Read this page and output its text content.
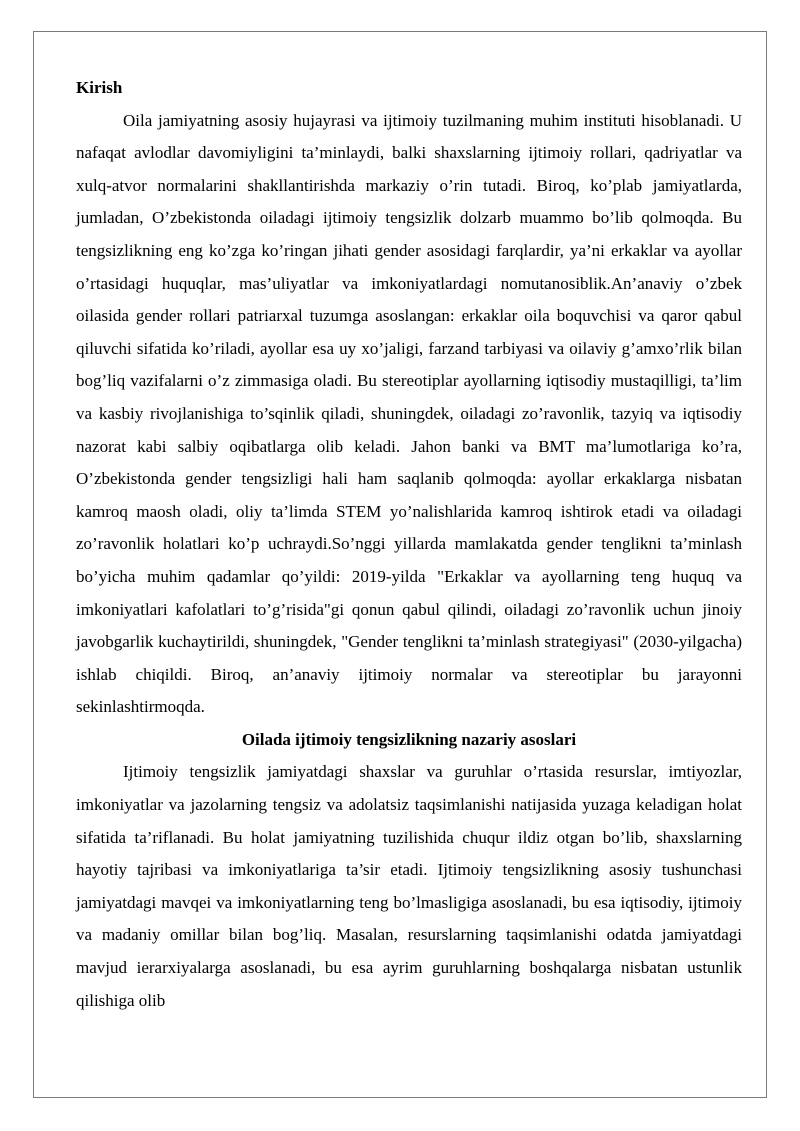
Kirish

Oila jamiyatning asosiy hujayrasi va ijtimoiy tuzilmaning muhim instituti hisoblanadi. U nafaqat avlodlar davomiyligini ta’minlaydi, balki shaxslarning ijtimoiy rollari, qadriyatlar va xulq-atvor normalarini shakllantirishda markaziy o’rin tutadi. Biroq, ko’plab jamiyatlarda, jumladan, O’zbekistonda oiladagi ijtimoiy tengsizlik dolzarb muammo bo’lib qolmoqda. Bu tengsizlikning eng ko’zga ko’ringan jihati gender asosidagi farqlardir, ya’ni erkaklar va ayollar o’rtasidagi huquqlar, mas’uliyatlar va imkoniyatlardagi nomutanosiblik.An’anaviy o’zbek oilasida gender rollari patriarxal tuzumga asoslangan: erkaklar oila boquvchisi va qaror qabul qiluvchi sifatida ko’riladi, ayollar esa uy xo’jaligi, farzand tarbiyasi va oilaviy g’amxo’rlik bilan bog’liq vazifalarni o’z zimmasiga oladi. Bu stereotiplar ayollarning iqtisodiy mustaqilligi, ta’lim va kasbiy rivojlanishiga to’sqinlik qiladi, shuningdek, oiladagi zo’ravonlik, tazyiq va iqtisodiy nazorat kabi salbiy oqibatlarga olib keladi. Jahon banki va BMT ma’lumotlariga ko’ra, O’zbekistonda gender tengsizligi hali ham saqlanib qolmoqda: ayollar erkaklarga nisbatan kamroq maosh oladi, oliy ta’limda STEM yo’nalishlarida kamroq ishtirok etadi va oiladagi zo’ravonlik holatlari ko’p uchraydi.So’nggi yillarda mamlakatda gender tenglikni ta’minlash bo’yicha muhim qadamlar qo’yildi: 2019-yilda "Erkaklar va ayollarning teng huquq va imkoniyatlari kafolatlari to’g’risida"gi qonun qabul qilindi, oiladagi zo’ravonlik uchun jinoiy javobgarlik kuchaytirildi, shuningdek, "Gender tenglikni ta’minlash strategiyasi" (2030-yilgacha) ishlab chiqildi. Biroq, an’anaviy ijtimoiy normalar va stereotiplar bu jarayonni sekinlashtirmoqda.

Oilada ijtimoiy tengsizlikning nazariy asoslari

Ijtimoiy tengsizlik jamiyatdagi shaxslar va guruhlar o’rtasida resurslar, imtiyozlar, imkoniyatlar va jazolarning tengsiz va adolatsiz taqsimlanishi natijasida yuzaga keladigan holat sifatida ta’riflanadi. Bu holat jamiyatning tuzilishida chuqur ildiz otgan bo’lib, shaxslarning hayotiy tajribasi va imkoniyatlariga ta’sir etadi. Ijtimoiy tengsizlikning asosiy tushunchasi jamiyatdagi mavqei va imkoniyatlarning teng bo’lmasligiga asoslanadi, bu esa iqtisodiy, ijtimoiy va madaniy omillar bilan bog’liq. Masalan, resurslarning taqsimlanishi odatda jamiyatdagi mavjud ierarxiyalarga asoslanadi, bu esa ayrim guruhlarning boshqalarga nisbatan ustunlik qilishiga olib
